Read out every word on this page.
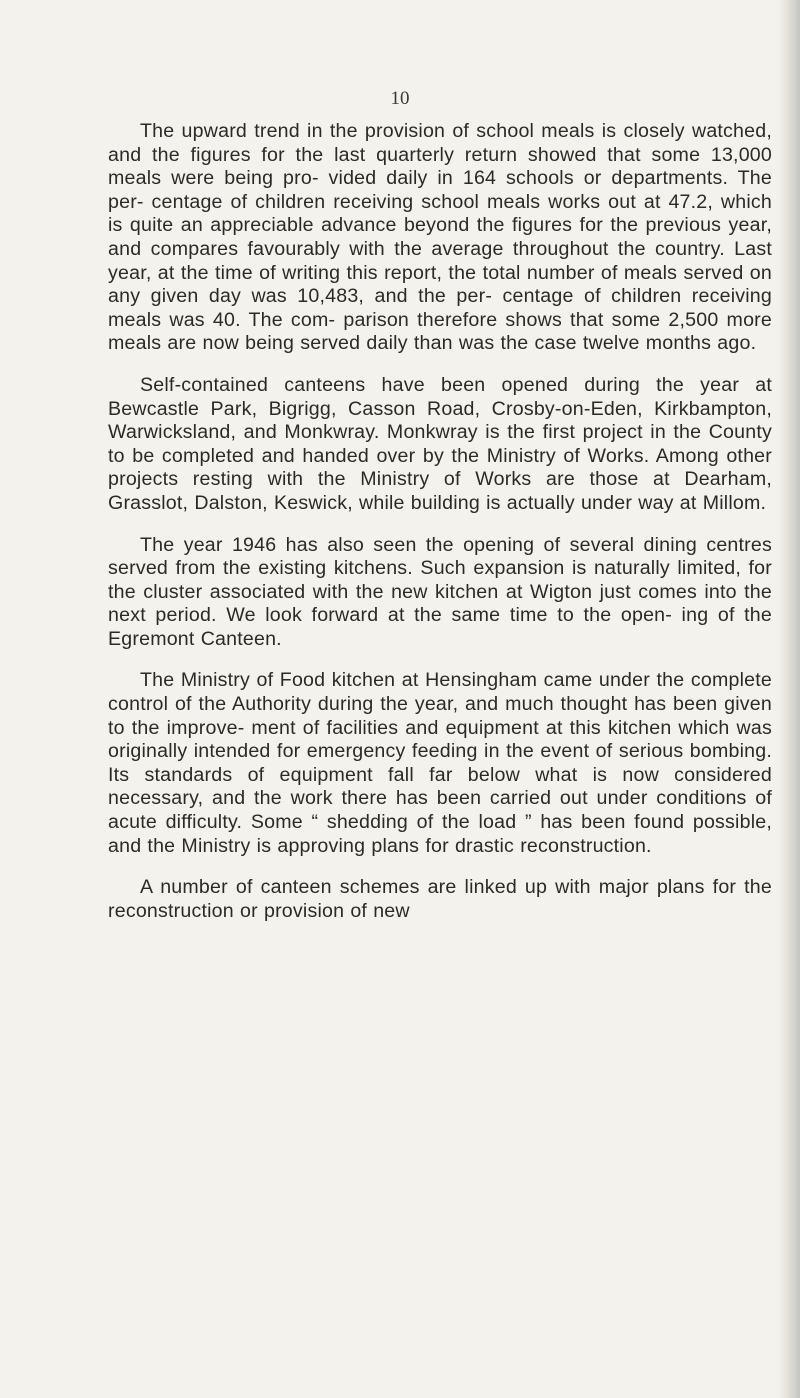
10

The upward trend in the provision of school meals is closely watched, and the figures for the last quarterly return showed that some 13,000 meals were being pro- vided daily in 164 schools or departments. The per- centage of children receiving school meals works out at 47.2, which is quite an appreciable advance beyond the figures for the previous year, and compares favourably with the average throughout the country. Last year, at the time of writing this report, the total number of meals served on any given day was 10,483, and the per- centage of children receiving meals was 40. The com- parison therefore shows that some 2,500 more meals are now being served daily than was the case twelve months ago.

Self-contained canteens have been opened during the year at Bewcastle Park, Bigrigg, Casson Road, Crosby-on-Eden, Kirkbampton, Warwicksland, and Monkwray. Monkwray is the first project in the County to be completed and handed over by the Ministry of Works. Among other projects resting with the Ministry of Works are those at Dearham, Grasslot, Dalston, Keswick, while building is actually under way at Millom.

The year 1946 has also seen the opening of several dining centres served from the existing kitchens. Such expansion is naturally limited, for the cluster associated with the new kitchen at Wigton just comes into the next period. We look forward at the same time to the open- ing of the Egremont Canteen.

The Ministry of Food kitchen at Hensingham came under the complete control of the Authority during the year, and much thought has been given to the improve- ment of facilities and equipment at this kitchen which was originally intended for emergency feeding in the event of serious bombing. Its standards of equipment fall far below what is now considered necessary, and the work there has been carried out under conditions of acute difficulty. Some “ shedding of the load ” has been found possible, and the Ministry is approving plans for drastic reconstruction.

A number of canteen schemes are linked up with major plans for the reconstruction or provision of new
